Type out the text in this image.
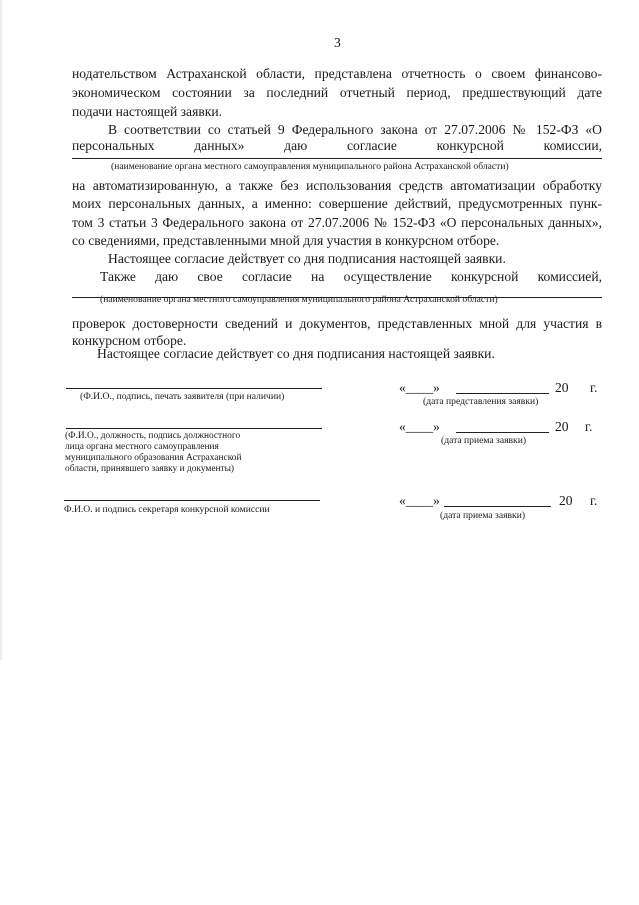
3
нодательством Астраханской области, представлена отчетность о своем финансово-
экономическом состоянии за последний отчетный период, предшествующий дате
подачи настоящей заявки.
В соответствии со статьей 9 Федерального закона от 27.07.2006 № 152-ФЗ «О
персональных данных» даю согласие конкурсной комиссии,
(наименование органа местного самоуправления муниципального района Астраханской области)
на автоматизированную, а также без использования средств автоматизации обработку
моих персональных данных, а именно: совершение действий, предусмотренных пунк-
том 3 статьи 3 Федерального закона от 27.07.2006 № 152-ФЗ «О персональных данных»,
со сведениями, представленными мной для участия в конкурсном отборе.
Настоящее согласие действует со дня подписания настоящей заявки.
Также даю свое согласие на осуществление конкурсной комиссией,
(наименование органа местного самоуправления муниципального района Астраханской области)
проверок достоверности сведений и документов, представленных мной для участия в
конкурсном отборе.
Настоящее согласие действует со дня подписания настоящей заявки.
(Ф.И.О., подпись, печать заявителя (при наличии)
«____»	20 г.
(дата представления заявки)
(Ф.И.О., должность, подпись должностного
лица органа местного самоуправления
муниципального образования Астраханской
области, принявшего заявку и документы)
«____»	20 г.
(дата приема заявки)
Ф.И.О. и подпись секретаря конкурсной комиссии
«____»	20 г.
(дата приема заявки)
